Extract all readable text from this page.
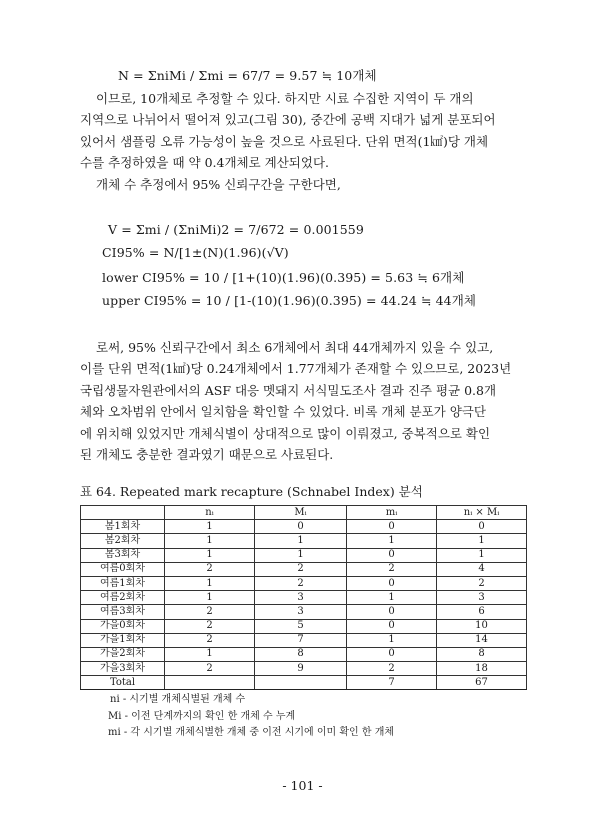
N = ΣniMi / Σmi = 67/7 = 9.57 ≒ 10개체
이므로, 10개체로 추정할 수 있다. 하지만 시료 수집한 지역이 두 개의
지역으로 나뉘어서 떨어져 있고(그림 30), 중간에 공백 지대가 넓게 분포되어
있어서 샘플링 오류 가능성이 높을 것으로 사료된다. 단위 면적(1㎢)당 개체
수를 추정하였을 때 약 0.4개체로 계산되었다.
개체 수 추정에서 95% 신뢰구간을 구한다면,
V = Σmi / (ΣniMi)2 = 7/672 = 0.001559
CI95% = N/[1±(N)(1.96)(√V)
lower CI95% = 10 / [1+(10)(1.96)(0.395) = 5.63 ≒ 6개체
upper CI95% = 10 / [1-(10)(1.96)(0.395) = 44.24 ≒ 44개체
로써, 95% 신뢰구간에서 최소 6개체에서 최대 44개체까지 있을 수 있고,
이를 단위 면적(1㎢)당 0.24개체에서 1.77개체가 존재할 수 있으므로, 2023년
국립생물자원관에서의 ASF 대응 멧돼지 서식밀도조사 결과 진주 평균 0.8개
체와 오차범위 안에서 일치함을 확인할 수 있었다. 비록 개체 분포가 양극단
에 위치해 있었지만 개체식별이 상대적으로 많이 이뤄졌고, 중복적으로 확인
된 개체도 충분한 결과였기 때문으로 사료된다.
표 64. Repeated mark recapture (Schnabel Index) 분석
	nᵢ	Mᵢ	mᵢ	nᵢ × Mᵢ
봄1회차	1	0	0	0
봄2회차	1	1	1	1
봄3회차	1	1	0	1
여름0회차	2	2	2	4
여름1회차	1	2	0	2
여름2회차	1	3	1	3
여름3회차	2	3	0	6
가을0회차	2	5	0	10
가을1회차	2	7	1	14
가을2회차	1	8	0	8
가을3회차	2	9	2	18
Total			7	67
ni - 시기별 개체식별된 개체 수
Mi - 이전 단계까지의 확인 한 개체 수 누계
mi - 각 시기별 개체식별한 개체 중 이전 시기에 이미 확인 한 개체
- 101 -
